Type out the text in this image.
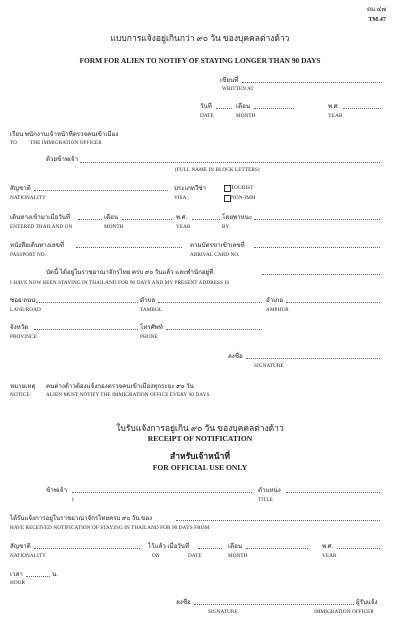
ตม.๔๗
TM.47
แบบการแจ้งอยู่เกินกว่า ๙๐ วัน ของบุคคลต่างด้าว
FORM FOR ALIEN TO NOTIFY OF STAYING LONGER THAN 90 DAYS
เขียนที่
WRITTEN AT
วันที่	เดือน	พ.ศ.
DATE	MONTH	YEAR
เรียน พนักงานเจ้าหน้าที่ตรวจคนเข้าเมือง
TO THE IMMIGRATION OFFICER
ด้วยข้าพเจ้า
(FULL NAME IN BLOCK LETTERS)
สัญชาติ	ประเภทวีซ่า	TOURIST
NATIONALITY	VISA	NON-IMM
เดินทางเข้ามาเมื่อวันที่	เดือน	พ.ศ.	โดยพาหนะ
ENTERED THAILAND ON	MONTH	YEAR	BY
หนังสือเดินทางเลขที่	ตามบัตรขาเข้าเลขที่
PASSPORT NO.	ARRIVAL CARD NO.
บัดนี้ ได้อยู่ในราชอาณาจักรไทย ครบ ๙๐ วันแล้ว และพำนักอยู่ที่
I HAVE NOW BEEN STAYING IN THAILAND FOR 90 DAYS AND MY PRESENT ADDRESS IS
ซอย/ถนน	ตำบล	อำเภอ
LANE/ROAD	TAMBOL	AMPHUR
จังหวัด	โทรศัพท์
PROVINCE	PHONE
ลงชื่อ
SIGNATURE
หมายเหตุ คนต่างด้าวต้องแจ้งกองตรวจคนเข้าเมืองทุกระยะ ๙๐ วัน
NOTICE:	ALIEN MUST NOTIFY THE IMMIGRATION OFFICE EVERY 90 DAYS
ใบรับแจ้งการอยู่เกิน ๙๐ วัน ของบุคคลต่างด้าว
RECEIPT OF NOTIFICATION
สำหรับเจ้าหน้าที่
FOR OFFICIAL USE ONLY
ข้าพเจ้า	ตำแหน่ง
I	TITLE
ได้รับแจ้งการอยู่ในราชอาณาจักรไทยครบ ๙๐ วัน ของ
HAVE RECEIVED NOTIFICATION OF STAYING IN THAILAND FOR 90 DAYS FROM
สัญชาติ	ไว้แล้ว เมื่อวันที่	เดือน	พ.ศ.
NATIONALITY	ON	DATE	MONTH	YEAR
เวลา	น.
HOUR
ลงชื่อ	ผู้รับแจ้ง
SIGNATURE	IMMIGRATION OFFICER
